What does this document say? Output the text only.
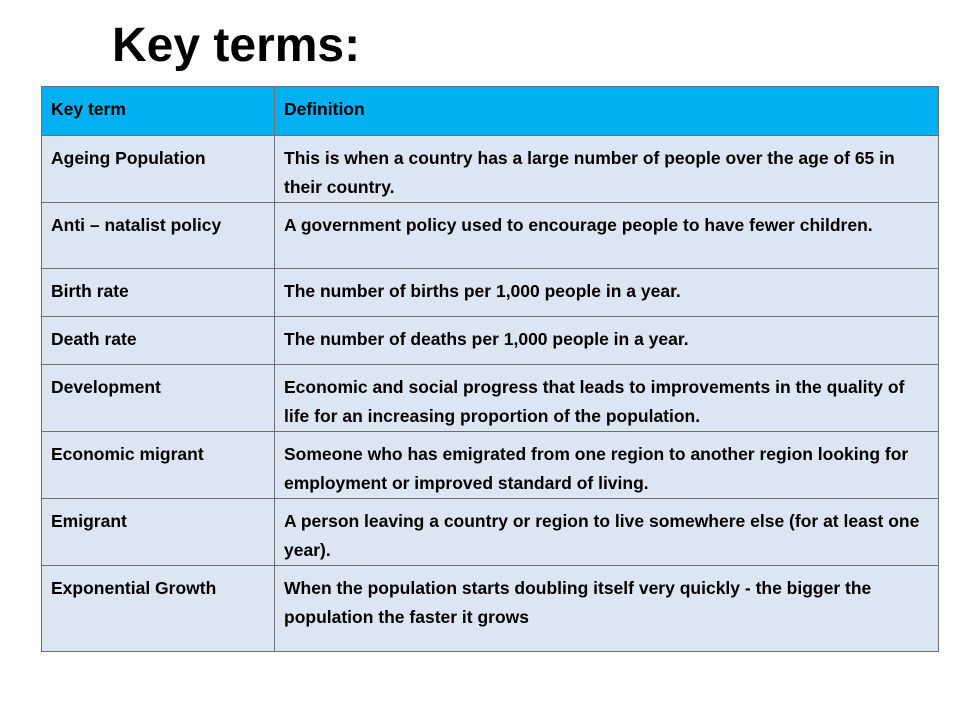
Key terms:
Key term	Definition
Ageing Population	This is when a country has a large number of people over the age of 65 in their country.
Anti – natalist policy	A government policy used to encourage people to have fewer children.
Birth rate	The number of births per 1,000 people in a year.
Death rate	The number of deaths per 1,000 people in a year.
Development	Economic and social progress that leads to improvements in the quality of life for an increasing proportion of the population.
Economic migrant	Someone who has emigrated from one region to another region looking for employment or improved standard of living.
Emigrant	A person leaving a country or region to live somewhere else (for at least one year).
Exponential Growth	When the population starts doubling itself very quickly - the bigger the population the faster it grows
